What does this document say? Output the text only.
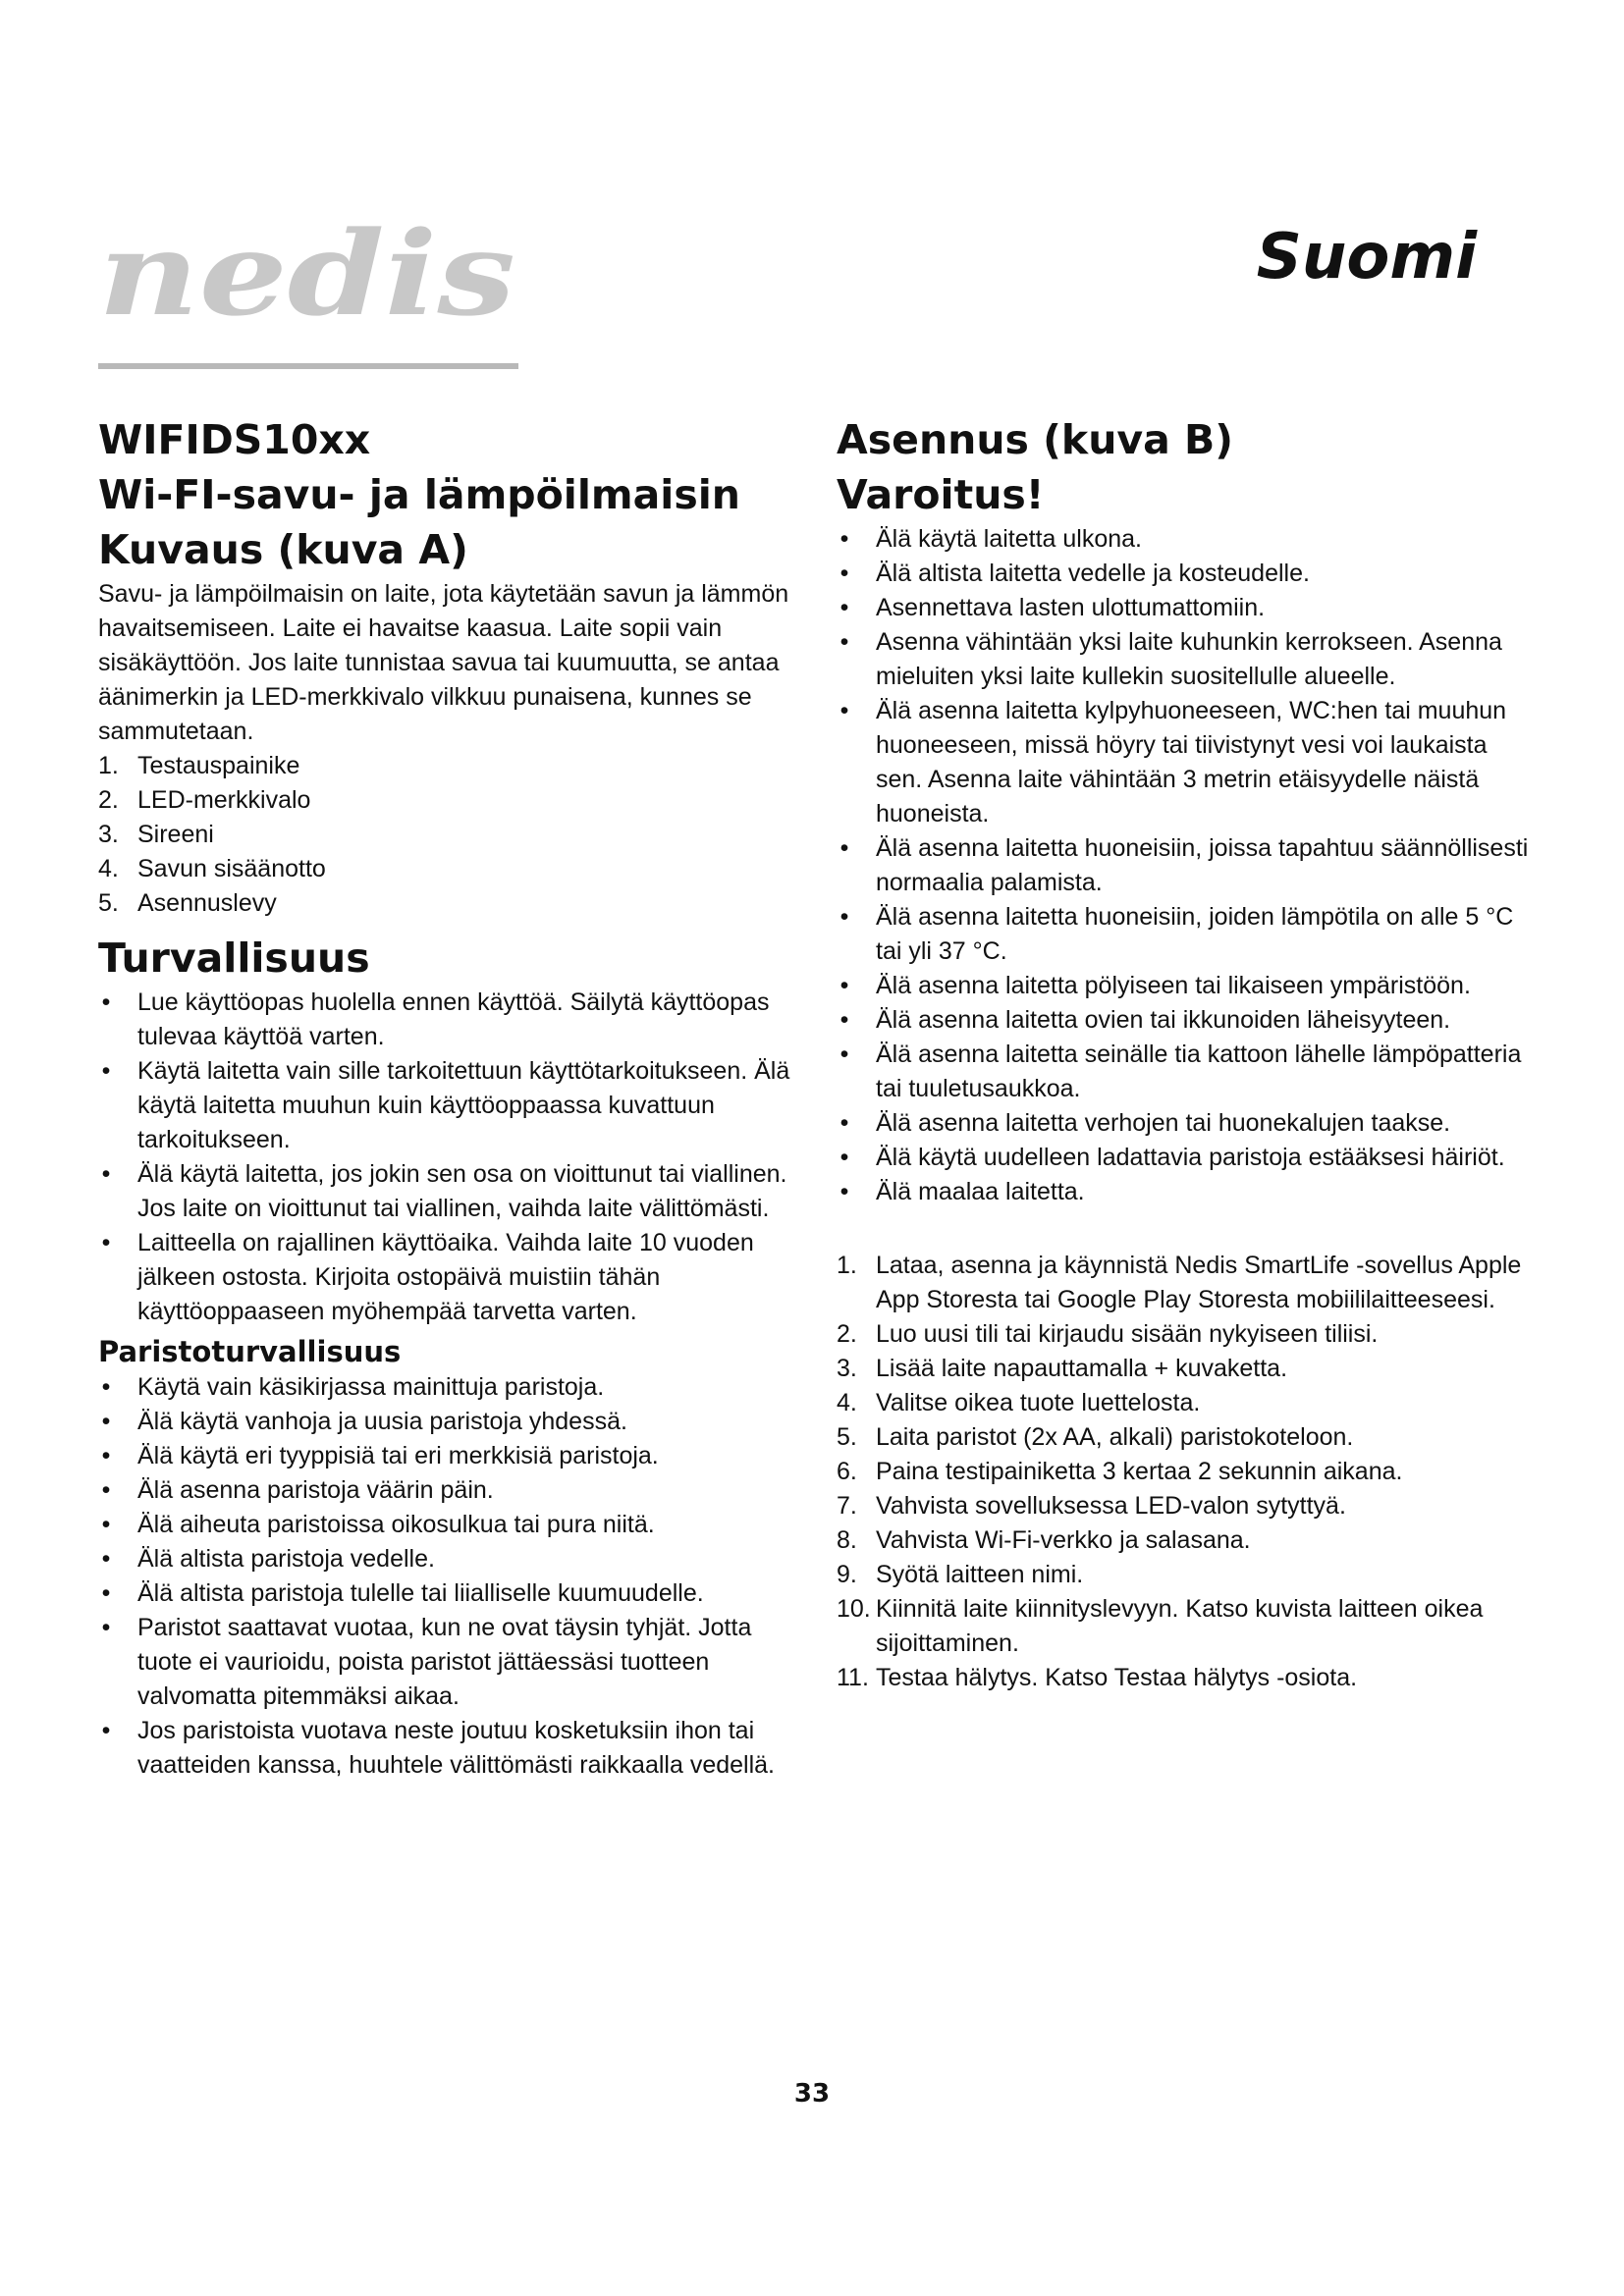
nedis	Suomi
WIFIDS10xx
Wi-FI-savu- ja lämpöilmaisin
Kuvaus (kuva A)

Savu- ja lämpöilmaisin on laite, jota käytetään savun ja lämmön havaitsemiseen. Laite ei havaitse kaasua. Laite sopii vain sisäkäyttöön. Jos laite tunnistaa savua tai kuumuutta, se antaa äänimerkin ja LED-merkkivalo vilkkuu punaisena, kunnes se sammutetaan.

1. Testauspainike
2. LED-merkkivalo
3. Sireeni
4. Savun sisäänotto
5. Asennuslevy
Turvallisuus
• Lue käyttöopas huolella ennen käyttöä. Säilytä käyttöopas tulevaa käyttöä varten.
• Käytä laitetta vain sille tarkoitettuun käyttötarkoitukseen. Älä käytä laitetta muuhun kuin käyttöoppaassa kuvattuun tarkoitukseen.
• Älä käytä laitetta, jos jokin sen osa on vioittunut tai viallinen. Jos laite on vioittunut tai viallinen, vaihda laite välittömästi.
• Laitteella on rajallinen käyttöaika. Vaihda laite 10 vuoden jälkeen ostosta. Kirjoita ostopäivä muistiin tähän käyttöoppaaseen myöhempää tarvetta varten.
Paristoturvallisuus
• Käytä vain käsikirjassa mainittuja paristoja.
• Älä käytä vanhoja ja uusia paristoja yhdessä.
• Älä käytä eri tyyppisiä tai eri merkkisiä paristoja.
• Älä asenna paristoja väärin päin.
• Älä aiheuta paristoissa oikosulkua tai pura niitä.
• Älä altista paristoja vedelle.
• Älä altista paristoja tulelle tai liialliselle kuumuudelle.
• Paristot saattavat vuotaa, kun ne ovat täysin tyhjät. Jotta tuote ei vaurioidu, poista paristot jättäessäsi tuotteen valvomatta pitemmäksi aikaa.
• Jos paristoista vuotava neste joutuu kosketuksiin ihon tai vaatteiden kanssa, huuhtele välittömästi raikkaalla vedellä.
Asennus (kuva B)
Varoitus!
• Älä käytä laitetta ulkona.
• Älä altista laitetta vedelle ja kosteudelle.
• Asennettava lasten ulottumattomiin.
• Asenna vähintään yksi laite kuhunkin kerrokseen. Asenna mieluiten yksi laite kullekin suositellulle alueelle.
• Älä asenna laitetta kylpyhuoneeseen, WC:hen tai muuhun huoneeseen, missä höyry tai tiivistynyt vesi voi laukaista sen. Asenna laite vähintään 3 metrin etäisyydelle näistä huoneista.
• Älä asenna laitetta huoneisiin, joissa tapahtuu säännöllisesti normaalia palamista.
• Älä asenna laitetta huoneisiin, joiden lämpötila on alle 5 °C tai yli 37 °C.
• Älä asenna laitetta pölyiseen tai likaiseen ympäristöön.
• Älä asenna laitetta ovien tai ikkunoiden läheisyyteen.
• Älä asenna laitetta seinälle tia kattoon lähelle lämpöpatteria tai tuuletusaukkoa.
• Älä asenna laitetta verhojen tai huonekalujen taakse.
• Älä käytä uudelleen ladattavia paristoja estääksesi häiriöt.
• Älä maalaa laitetta.
1. Lataa, asenna ja käynnistä Nedis SmartLife -sovellus Apple App Storesta tai Google Play Storesta mobiililaitteeseesi.
2. Luo uusi tili tai kirjaudu sisään nykyiseen tiliisi.
3. Lisää laite napauttamalla + kuvaketta.
4. Valitse oikea tuote luettelosta.
5. Laita paristot (2x AA, alkali) paristokoteloon.
6. Paina testipainiketta 3 kertaa 2 sekunnin aikana.
7. Vahvista sovelluksessa LED-valon sytyttyä.
8. Vahvista Wi-Fi-verkko ja salasana.
9. Syötä laitteen nimi.
10. Kiinnitä laite kiinnityslevyyn. Katso kuvista laitteen oikea sijoittaminen.
11. Testaa hälytys. Katso Testaa hälytys -osiota.
33
